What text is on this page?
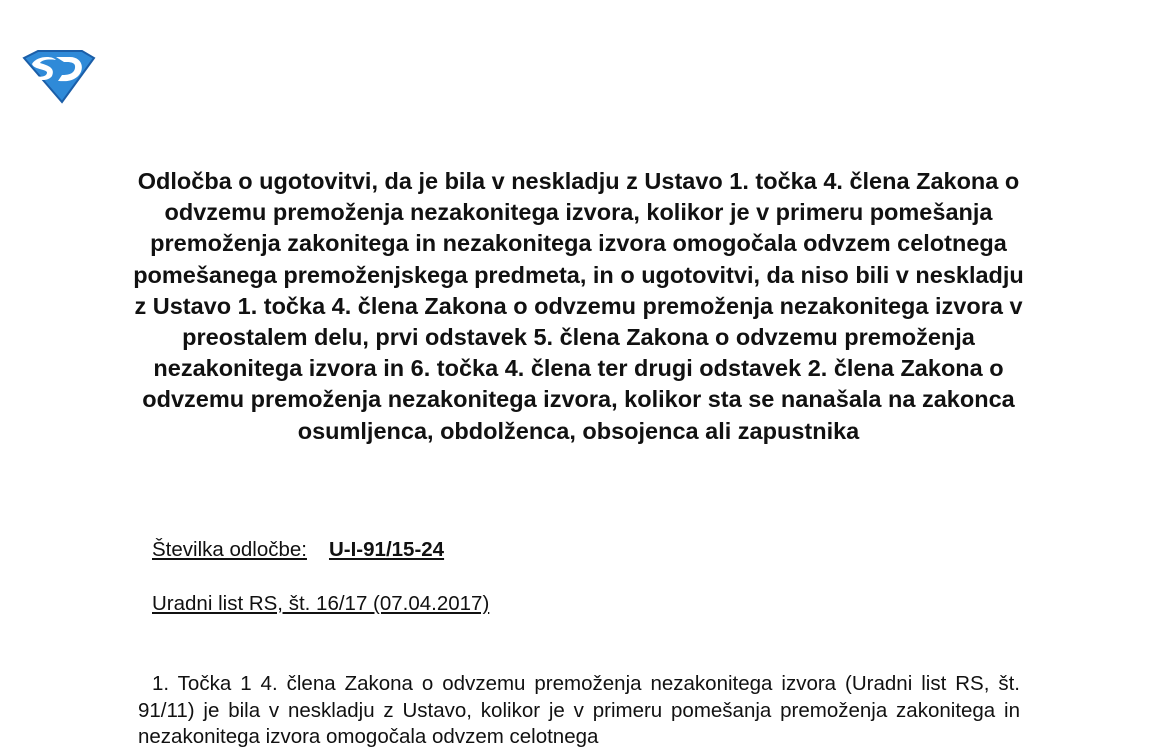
Odločba o ugotovitvi, da je bila v neskladju z Ustavo 1. točka 4. člena Zakona o odvzemu premoženja nezakonitega izvora, kolikor je v primeru pomešanja premoženja zakonitega in nezakonitega izvora omogočala odvzem celotnega pomešanega premoženjskega predmeta, in o ugotovitvi, da niso bili v neskladju z Ustavo 1. točka 4. člena Zakona o odvzemu premoženja nezakonitega izvora v preostalem delu, prvi odstavek 5. člena Zakona o odvzemu premoženja nezakonitega izvora in 6. točka 4. člena ter drugi odstavek 2. člena Zakona o odvzemu premoženja nezakonitega izvora, kolikor sta se nanašala na zakonca osumljenca, obdolženca, obsojenca ali zapustnika

Številka odločbe: U-I-91/15-24

Uradni list RS, št. 16/17 (07.04.2017)

1. Točka 1 4. člena Zakona o odvzemu premoženja nezakonitega izvora (Uradni list RS, št. 91/11) je bila v neskladju z Ustavo, kolikor je v primeru pomešanja premoženja zakonitega in nezakonitega izvora omogočala odvzem celotnega
